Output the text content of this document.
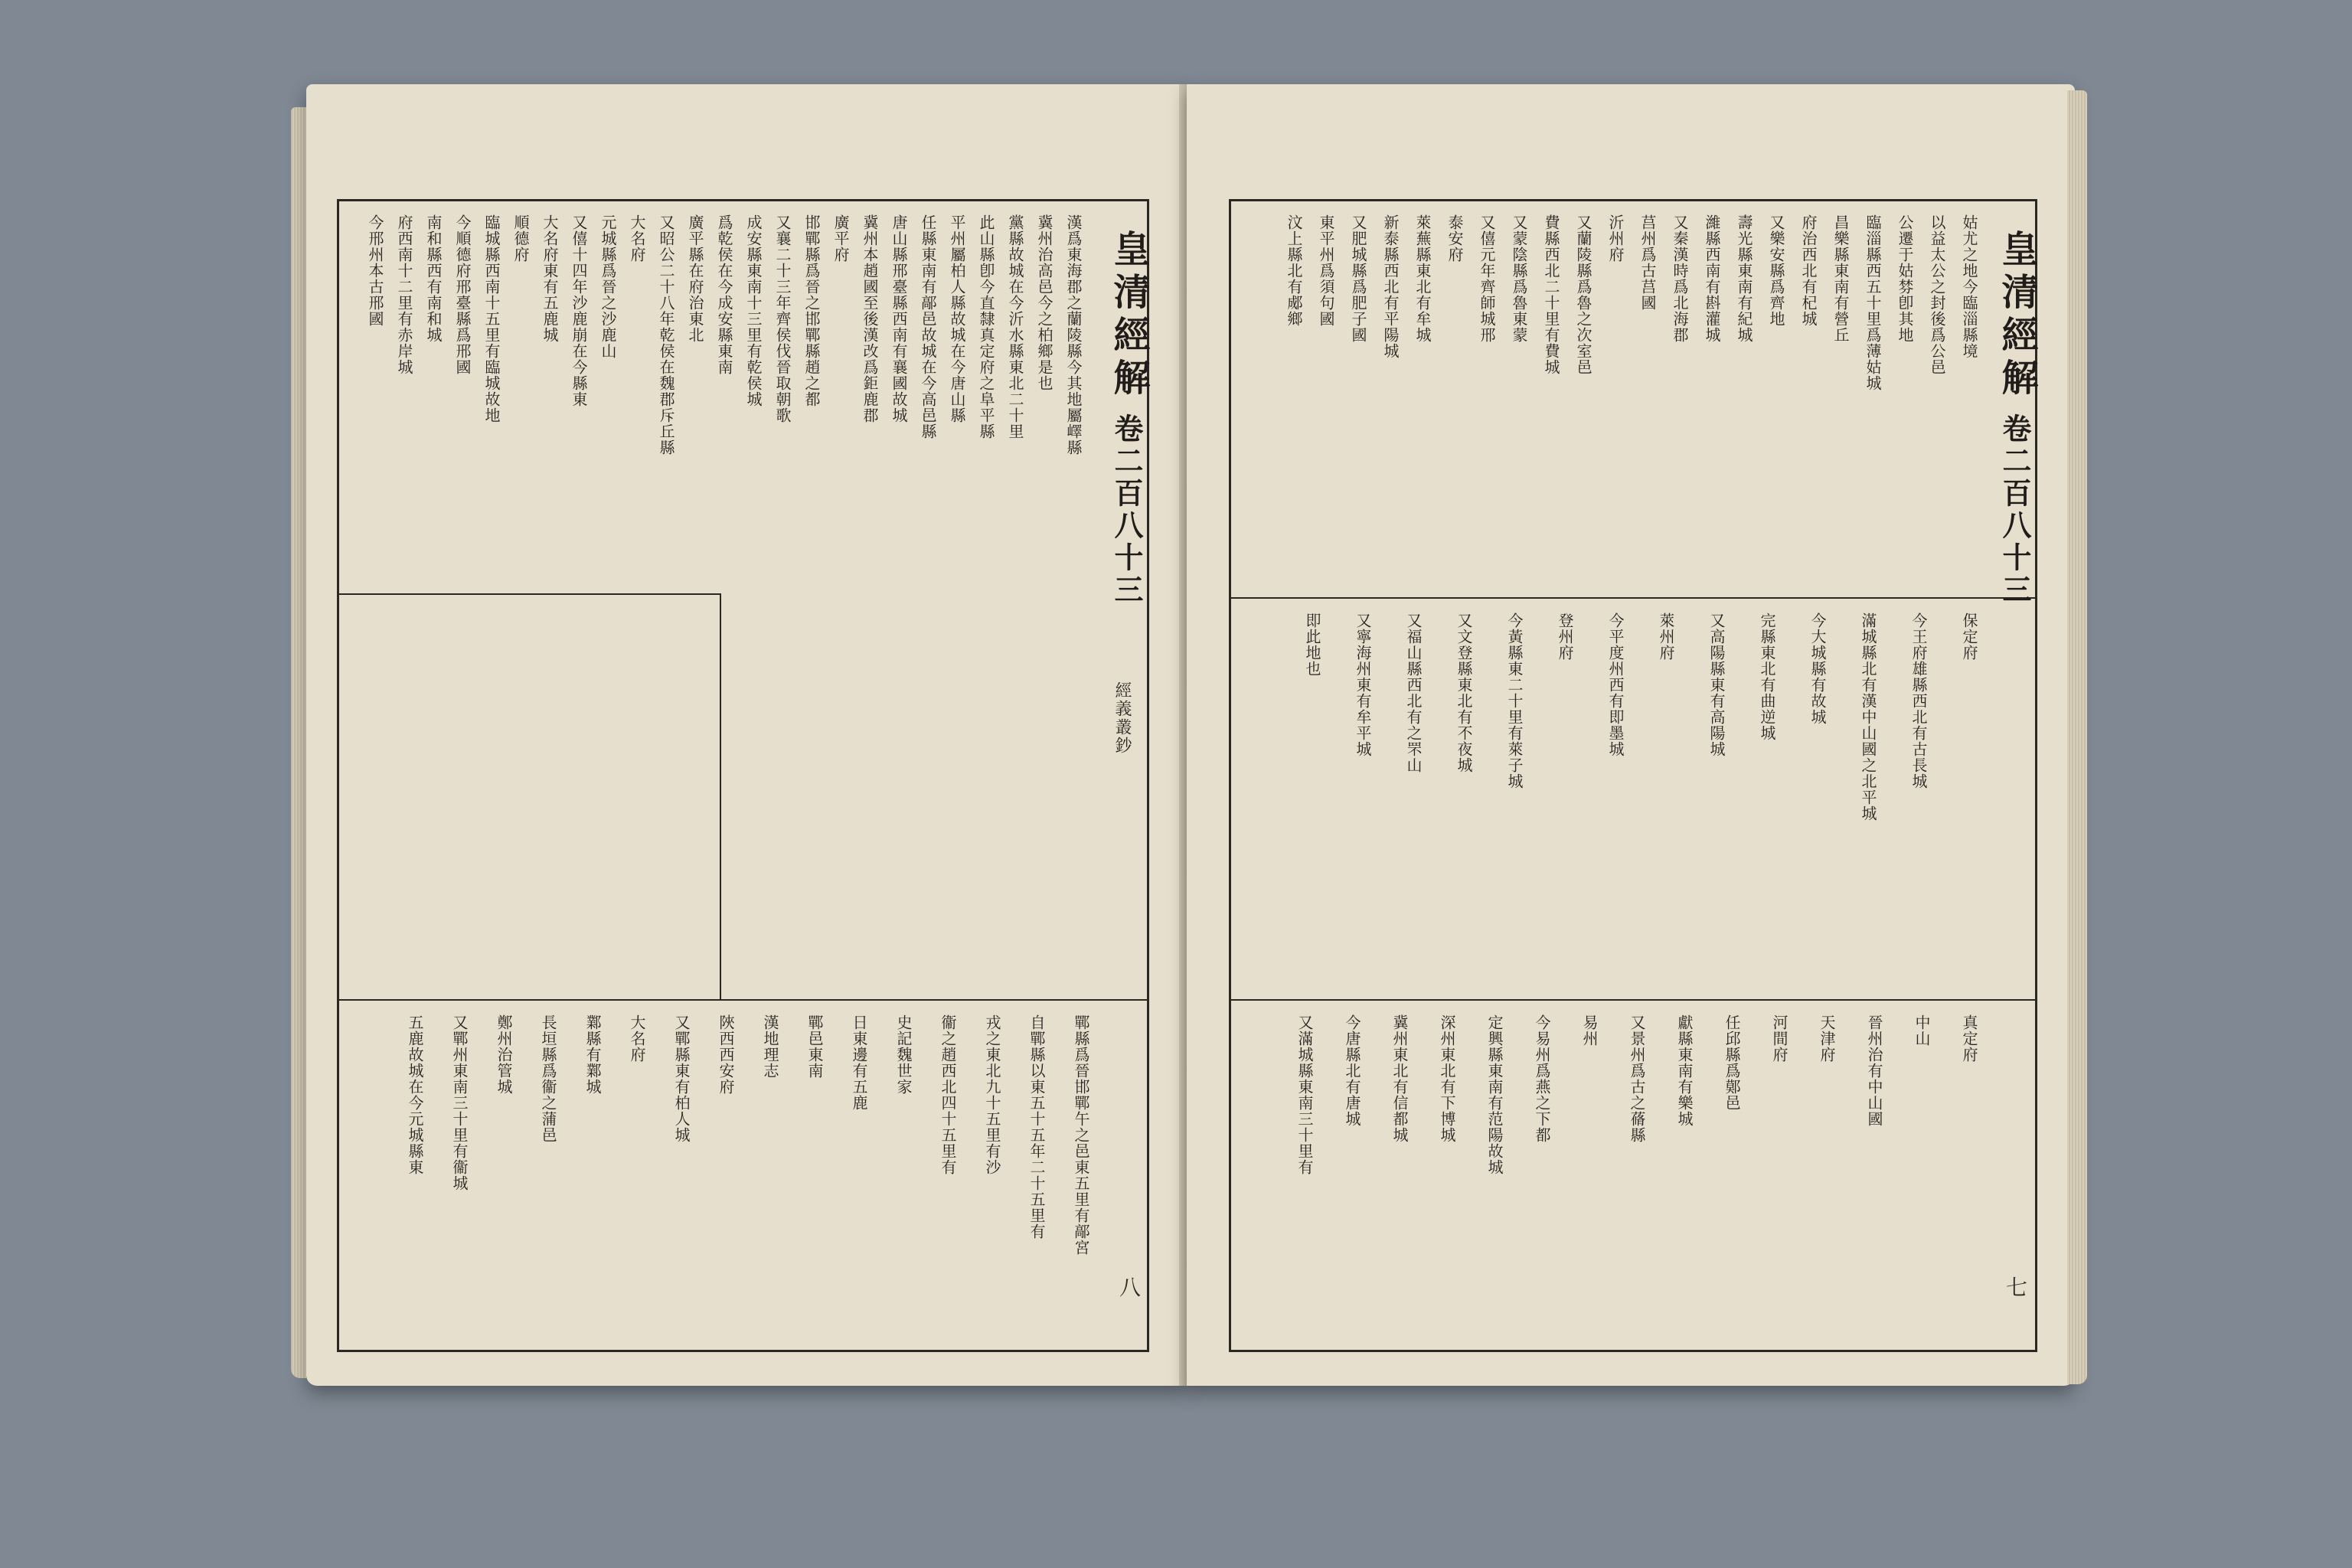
漢爲東海郡之蘭陵縣今其地屬嶧縣
冀州治高邑今之柏鄉是也
黨縣故城在今沂水縣東北二十里
此山縣卽今直隸真定府之阜平縣
平州屬柏人縣故城在今唐山縣
任縣東南有鄗邑故城在今高邑縣
唐山縣邢臺縣西南有襄國故城
冀州本趙國至後漢改爲鉅鹿郡
廣平府
邯鄲縣爲晉之邯鄲縣趙之都
又襄二十三年齊侯伐晉取朝歌
成安縣東南十三里有乾侯城
爲乾侯在今成安縣東南
廣平縣在府治東北
又昭公二十八年乾侯在魏郡斥丘縣
大名府
元城縣爲晉之沙鹿山
又僖十四年沙鹿崩在今縣東
大名府東有五鹿城
順德府
臨城縣西南十五里有臨城故地
今順德府邢臺縣爲邢國
南和縣西有南和城
府西南十二里有赤岸城
今邢州本古邢國
鄲縣爲晉邯鄲午之邑東五里有鄗宮
自鄲縣以東五十五年二十五里有
戎之東北九十五里有沙
衞之趙西北四十五里有
史記魏世家
日東邊有五鹿
鄲邑東南
漢地理志
陜西西安府
又鄲縣東有柏人城
大名府
鄴縣有鄴城
長垣縣爲衞之蒲邑
鄭州治管城
又鄲州東南三十里有衞城
五鹿故城在今元城縣東
皇清經解
卷二百八十三
經義叢鈔
八
姑尤之地今臨淄縣境
以益太公之封後爲公邑
公遷于姑棼卽其地
臨淄縣西五十里爲薄姑城
昌樂縣東南有營丘
府治西北有杞城
又樂安縣爲齊地
壽光縣東南有紀城
濰縣西南有斟灌城
又秦漢時爲北海郡
莒州爲古莒國
沂州府
又蘭陵縣爲魯之次室邑
費縣西北二十里有費城
又蒙陰縣爲魯東蒙
又僖元年齊師城邢
泰安府
萊蕪縣東北有牟城
新泰縣西北有平陽城
又肥城縣爲肥子國
東平州爲須句國
汶上縣北有郕鄉
保定府
今王府雄縣西北有古長城
滿城縣北有漢中山國之北平城
今大城縣有故城
完縣東北有曲逆城
又高陽縣東有高陽城
萊州府
今平度州西有即墨城
登州府
今黃縣東二十里有萊子城
又文登縣東北有不夜城
又福山縣西北有之罘山
又寧海州東有牟平城
即此地也
真定府
中山
晉州治有中山國
天津府
河間府
任邱縣爲鄚邑
獻縣東南有樂城
又景州爲古之蓨縣
易州
今易州爲燕之下都
定興縣東南有范陽故城
深州東北有下博城
冀州東北有信都城
今唐縣北有唐城
又滿城縣東南三十里有
皇清經解
卷二百八十三
七
